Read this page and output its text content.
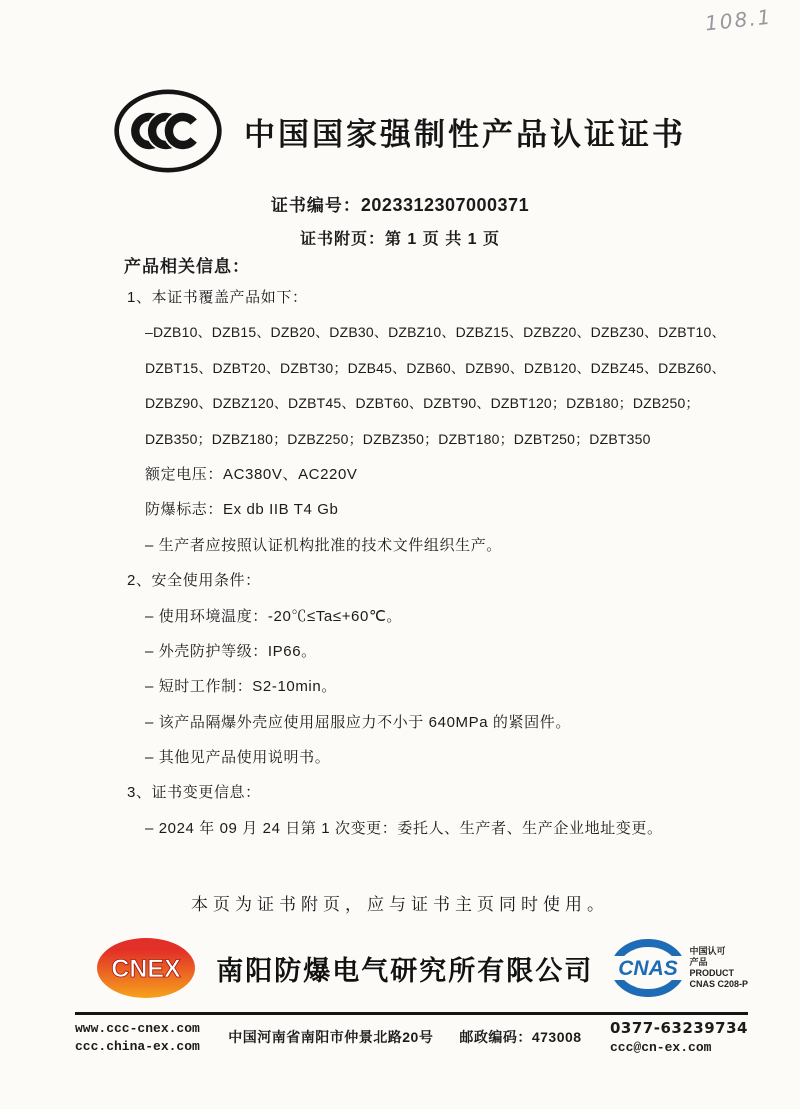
108.1
中国国家强制性产品认证证书
证书编号：2023312307000371
证书附页：第 1 页 共 1 页
产品相关信息：
1、本证书覆盖产品如下：
–DZB10、DZB15、DZB20、DZB30、DZBZ10、DZBZ15、DZBZ20、DZBZ30、DZBT10、
DZBT15、DZBT20、DZBT30；DZB45、DZB60、DZB90、DZB120、DZBZ45、DZBZ60、
DZBZ90、DZBZ120、DZBT45、DZBT60、DZBT90、DZBT120；DZB180；DZB250；
DZB350；DZBZ180；DZBZ250；DZBZ350；DZBT180；DZBT250；DZBT350
额定电压：AC380V、AC220V
防爆标志：Ex db IIB T4 Gb
– 生产者应按照认证机构批准的技术文件组织生产。
2、安全使用条件：
– 使用环境温度：-20℃≤Ta≤+60℃。
– 外壳防护等级：IP66。
– 短时工作制：S2-10min。
– 该产品隔爆外壳应使用屈服应力不小于 640MPa 的紧固件。
– 其他见产品使用说明书。
3、证书变更信息：
– 2024 年 09 月 24 日第 1 次变更：委托人、生产者、生产企业地址变更。
本页为证书附页，应与证书主页同时使用。
CNEX 南阳防爆电气研究所有限公司 CNAS
中国认可
产品
PRODUCT
CNAS C208-P
www.ccc-cnex.com
ccc.china-ex.com
中国河南省南阳市仲景北路20号 邮政编码：473008 0377-63239734
ccc@cn-ex.com
